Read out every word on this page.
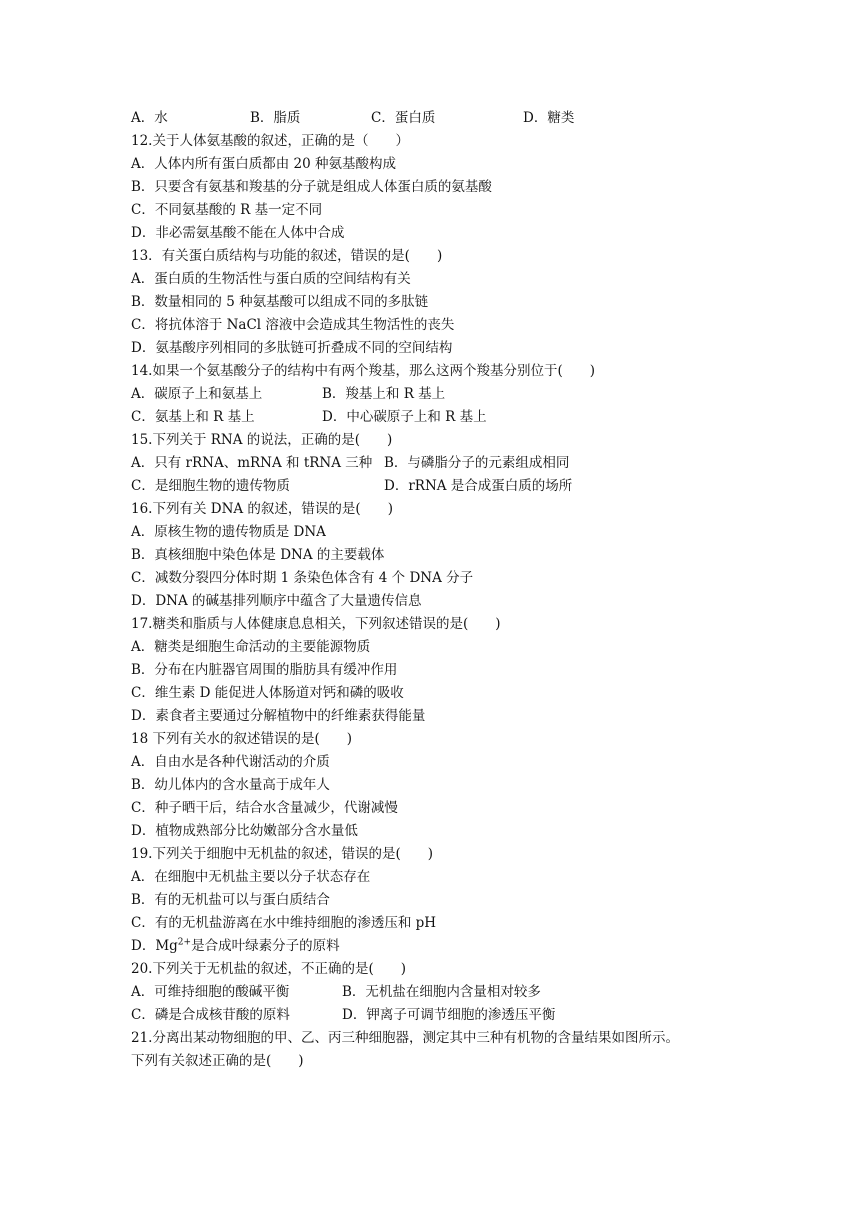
A．水	B．脂质	C．蛋白质	D．糖类
12.关于人体氨基酸的叙述，正确的是（　　）
A．人体内所有蛋白质都由 20 种氨基酸构成
B．只要含有氨基和羧基的分子就是组成人体蛋白质的氨基酸
C．不同氨基酸的 R 基一定不同
D．非必需氨基酸不能在人体中合成
13．有关蛋白质结构与功能的叙述，错误的是(　　)
A．蛋白质的生物活性与蛋白质的空间结构有关
B．数量相同的 5 种氨基酸可以组成不同的多肽链
C．将抗体溶于 NaCl 溶液中会造成其生物活性的丧失
D．氨基酸序列相同的多肽链可折叠成不同的空间结构
14.如果一个氨基酸分子的结构中有两个羧基，那么这两个羧基分别位于(　　)
A．碳原子上和氨基上	B．羧基上和 R 基上
C．氨基上和 R 基上	D．中心碳原子上和 R 基上
15.下列关于 RNA 的说法，正确的是(　　)
A．只有 rRNA、mRNA 和 tRNA 三种 B．与磷脂分子的元素组成相同
C．是细胞生物的遗传物质	D．rRNA 是合成蛋白质的场所
16.下列有关 DNA 的叙述，错误的是(　　)
A．原核生物的遗传物质是 DNA
B．真核细胞中染色体是 DNA 的主要载体
C．减数分裂四分体时期 1 条染色体含有 4 个 DNA 分子
D．DNA 的碱基排列顺序中蕴含了大量遗传信息
17.糖类和脂质与人体健康息息相关，下列叙述错误的是(　　)
A．糖类是细胞生命活动的主要能源物质
B．分布在内脏器官周围的脂肪具有缓冲作用
C．维生素 D 能促进人体肠道对钙和磷的吸收
D．素食者主要通过分解植物中的纤维素获得能量
18 下列有关水的叙述错误的是(　　)
A．自由水是各种代谢活动的介质
B．幼儿体内的含水量高于成年人
C．种子晒干后，结合水含量减少，代谢减慢
D．植物成熟部分比幼嫩部分含水量低
19.下列关于细胞中无机盐的叙述，错误的是(　　)
A．在细胞中无机盐主要以分子状态存在
B．有的无机盐可以与蛋白质结合
C．有的无机盐游离在水中维持细胞的渗透压和 pH
D．$Mg^{2+}$是合成叶绿素分子的原料
20.下列关于无机盐的叙述，不正确的是(　　)
A．可维持细胞的酸碱平衡	B．无机盐在细胞内含量相对较多
C．磷是合成核苷酸的原料	D．钾离子可调节细胞的渗透压平衡
21.分离出某动物细胞的甲、乙、丙三种细胞器，测定其中三种有机物的含量结果如图所示。
下列有关叙述正确的是(　　)
